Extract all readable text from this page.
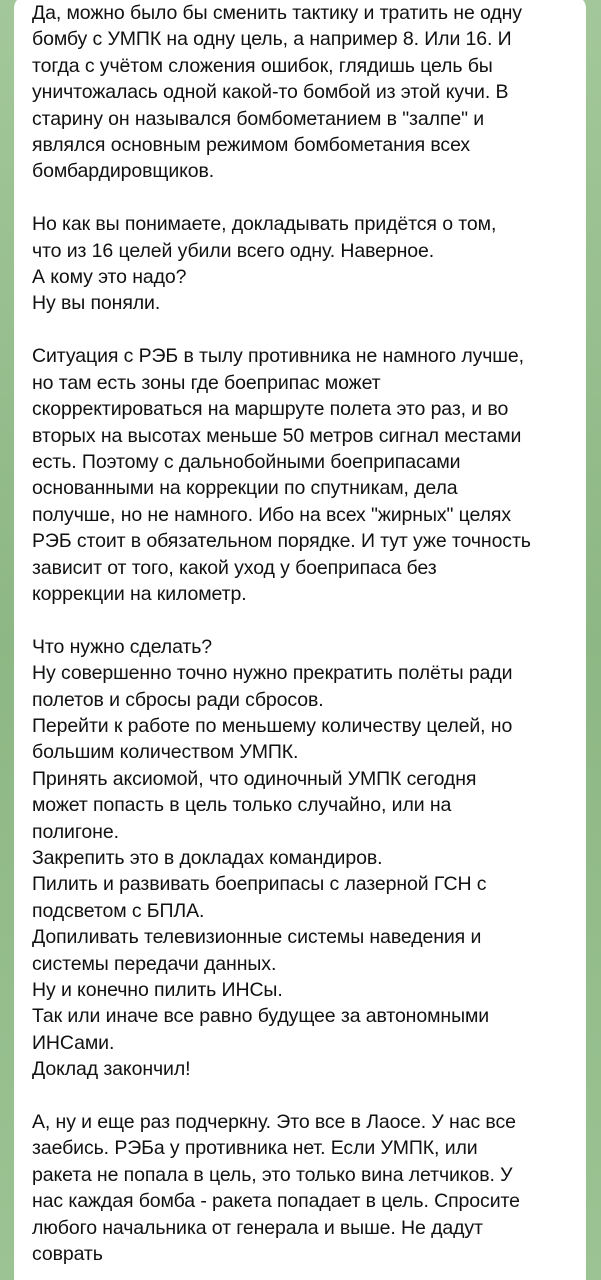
Да, можно было бы сменить тактику и тратить не одну
бомбу с УМПК на одну цель, а например 8. Или 16. И
тогда с учётом сложения ошибок, глядишь цель бы
уничтожалась одной какой-то бомбой из этой кучи. В
старину он назывался бомбометанием в "залпе" и
являлся основным режимом бомбометания всех
бомбардировщиков.

Но как вы понимаете, докладывать придётся о том,
что из 16 целей убили всего одну. Наверное.
А кому это надо?
Ну вы поняли.

Ситуация с РЭБ в тылу противника не намного лучше,
но там есть зоны где боеприпас может
скорректироваться на маршруте полета это раз, и во
вторых на высотах меньше 50 метров сигнал местами
есть. Поэтому с дальнобойными боеприпасами
основанными на коррекции по спутникам, дела
получше, но не намного. Ибо на всех "жирных" целях
РЭБ стоит в обязательном порядке. И тут уже точность
зависит от того, какой уход у боеприпаса без
коррекции на километр.

Что нужно сделать?
Ну совершенно точно нужно прекратить полёты ради
полетов и сбросы ради сбросов.
Перейти к работе по меньшему количеству целей, но
большим количеством УМПК.
Принять аксиомой, что одиночный УМПК сегодня
может попасть в цель только случайно, или на
полигоне.
Закрепить это в докладах командиров.
Пилить и развивать боеприпасы с лазерной ГСН с
подсветом с БПЛА.
Допиливать телевизионные системы наведения и
системы передачи данных.
Ну и конечно пилить ИНСы.
Так или иначе все равно будущее за автономными
ИНСами.
Доклад закончил!

А, ну и еще раз подчеркну. Это все в Лаосе. У нас все
заебись. РЭБа у противника нет. Если УМПК, или
ракета не попала в цель, это только вина летчиков. У
нас каждая бомба - ракета попадает в цель. Спросите
любого начальника от генерала и выше. Не дадут
соврать
